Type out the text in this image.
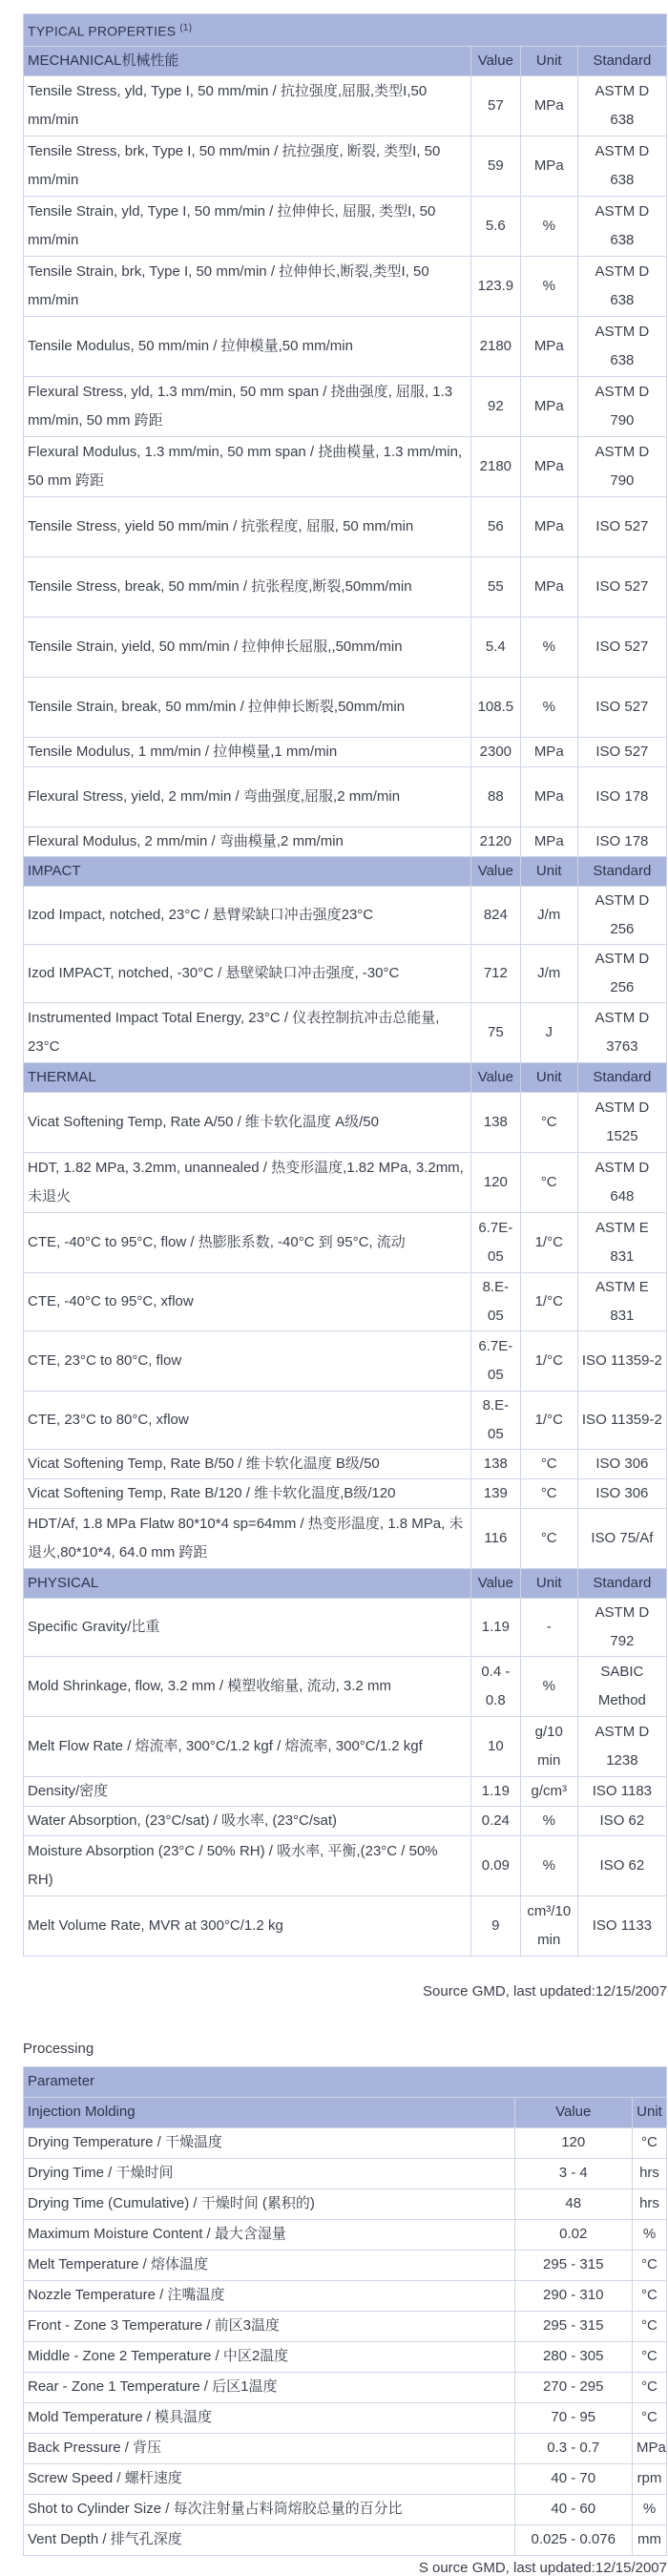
TYPICAL PROPERTIES $^{(1)}$
MECHANICAL机械性能	Value	Unit	Standard
Tensile Stress, yld, Type I, 50 mm/min / 抗拉强度,屈服,类型I,50 mm/min	57	MPa	ASTM D 638
Tensile Stress, brk, Type I, 50 mm/min / 抗拉强度, 断裂, 类型I, 50 mm/min	59	MPa	ASTM D 638
Tensile Strain, yld, Type I, 50 mm/min / 拉伸伸长, 屈服, 类型I, 50 mm/min	5.6	%	ASTM D 638
Tensile Strain, brk, Type I, 50 mm/min / 拉伸伸长,断裂,类型I, 50 mm/min	123.9	%	ASTM D 638
Tensile Modulus, 50 mm/min / 拉伸模量,50 mm/min	2180	MPa	ASTM D 638
Flexural Stress, yld, 1.3 mm/min, 50 mm span / 挠曲强度, 屈服, 1.3 mm/min, 50 mm 跨距	92	MPa	ASTM D 790
Flexural Modulus, 1.3 mm/min, 50 mm span / 挠曲模量, 1.3 mm/min, 50 mm 跨距	2180	MPa	ASTM D 790
Tensile Stress, yield 50 mm/min / 抗张程度, 屈服, 50 mm/min	56	MPa	ISO 527
Tensile Stress, break, 50 mm/min / 抗张程度,断裂,50mm/min	55	MPa	ISO 527
Tensile Strain, yield, 50 mm/min / 拉伸伸长屈服,,50mm/min	5.4	%	ISO 527
Tensile Strain, break, 50 mm/min / 拉伸伸长断裂,50mm/min	108.5	%	ISO 527
Tensile Modulus, 1 mm/min / 拉伸模量,1 mm/min	2300	MPa	ISO 527
Flexural Stress, yield, 2 mm/min / 弯曲强度,屈服,2 mm/min	88	MPa	ISO 178
Flexural Modulus, 2 mm/min / 弯曲模量,2 mm/min	2120	MPa	ISO 178
IMPACT	Value	Unit	Standard
Izod Impact, notched, 23°C / 悬臂梁缺口冲击强度23°C	824	J/m	ASTM D 256
Izod IMPACT, notched, -30°C / 悬壁梁缺口冲击强度, -30°C	712	J/m	ASTM D 256
Instrumented Impact Total Energy, 23°C / 仪表控制抗冲击总能量, 23°C	75	J	ASTM D 3763
THERMAL	Value	Unit	Standard
Vicat Softening Temp, Rate A/50 / 维卡软化温度 A级/50	138	°C	ASTM D 1525
HDT, 1.82 MPa, 3.2mm, unannealed / 热变形温度,1.82 MPa, 3.2mm,未退火	120	°C	ASTM D 648
CTE, -40°C to 95°C, flow / 热膨胀系数, -40°C 到 95°C, 流动	6.7E-05	1/°C	ASTM E 831
CTE, -40°C to 95°C, xflow	8.E-05	1/°C	ASTM E 831
CTE, 23°C to 80°C, flow	6.7E-05	1/°C	ISO 11359-2
CTE, 23°C to 80°C, xflow	8.E-05	1/°C	ISO 11359-2
Vicat Softening Temp, Rate B/50 / 维卡软化温度 B级/50	138	°C	ISO 306
Vicat Softening Temp, Rate B/120 / 维卡软化温度,B级/120	139	°C	ISO 306
HDT/Af, 1.8 MPa Flatw 80*10*4 sp=64mm / 热变形温度, 1.8 MPa, 未退火,80*10*4, 64.0 mm 跨距	116	°C	ISO 75/Af
PHYSICAL	Value	Unit	Standard
Specific Gravity/比重	1.19	-	ASTM D 792
Mold Shrinkage, flow, 3.2 mm / 模塑收缩量, 流动, 3.2 mm	0.4 - 0.8	%	SABIC Method
Melt Flow Rate / 熔流率, 300°C/1.2 kgf / 熔流率, 300°C/1.2 kgf	10	g/10 min	ASTM D 1238
Density/密度	1.19	g/cm³	ISO 1183
Water Absorption, (23°C/sat) / 吸水率, (23°C/sat)	0.24	%	ISO 62
Moisture Absorption (23°C / 50% RH) / 吸水率, 平衡,(23°C / 50% RH)	0.09	%	ISO 62
Melt Volume Rate, MVR at 300°C/1.2 kg	9	cm³/10 min	ISO 1133
Source GMD, last updated:12/15/2007
Processing
Parameter		
Injection Molding	Value	Unit
Drying Temperature / 干燥温度	120	°C
Drying Time / 干燥时间	3 - 4	hrs
Drying Time (Cumulative) / 干燥时间 (累积的)	48	hrs
Maximum Moisture Content / 最大含湿量	0.02	%
Melt Temperature / 熔体温度	295 - 315	°C
Nozzle Temperature / 注嘴温度	290 - 310	°C
Front - Zone 3 Temperature / 前区3温度	295 - 315	°C
Middle - Zone 2 Temperature / 中区2温度	280 - 305	°C
Rear - Zone 1 Temperature / 后区1温度	270 - 295	°C
Mold Temperature / 模具温度	70 - 95	°C
Back Pressure / 背压	0.3 - 0.7	MPa
Screw Speed / 螺杆速度	40 - 70	rpm
Shot to Cylinder Size / 每次注射量占料筒熔胶总量的百分比	40 - 60	%
Vent Depth / 排气孔深度	0.025 - 0.076	mm
S ource GMD, last updated:12/15/2007
